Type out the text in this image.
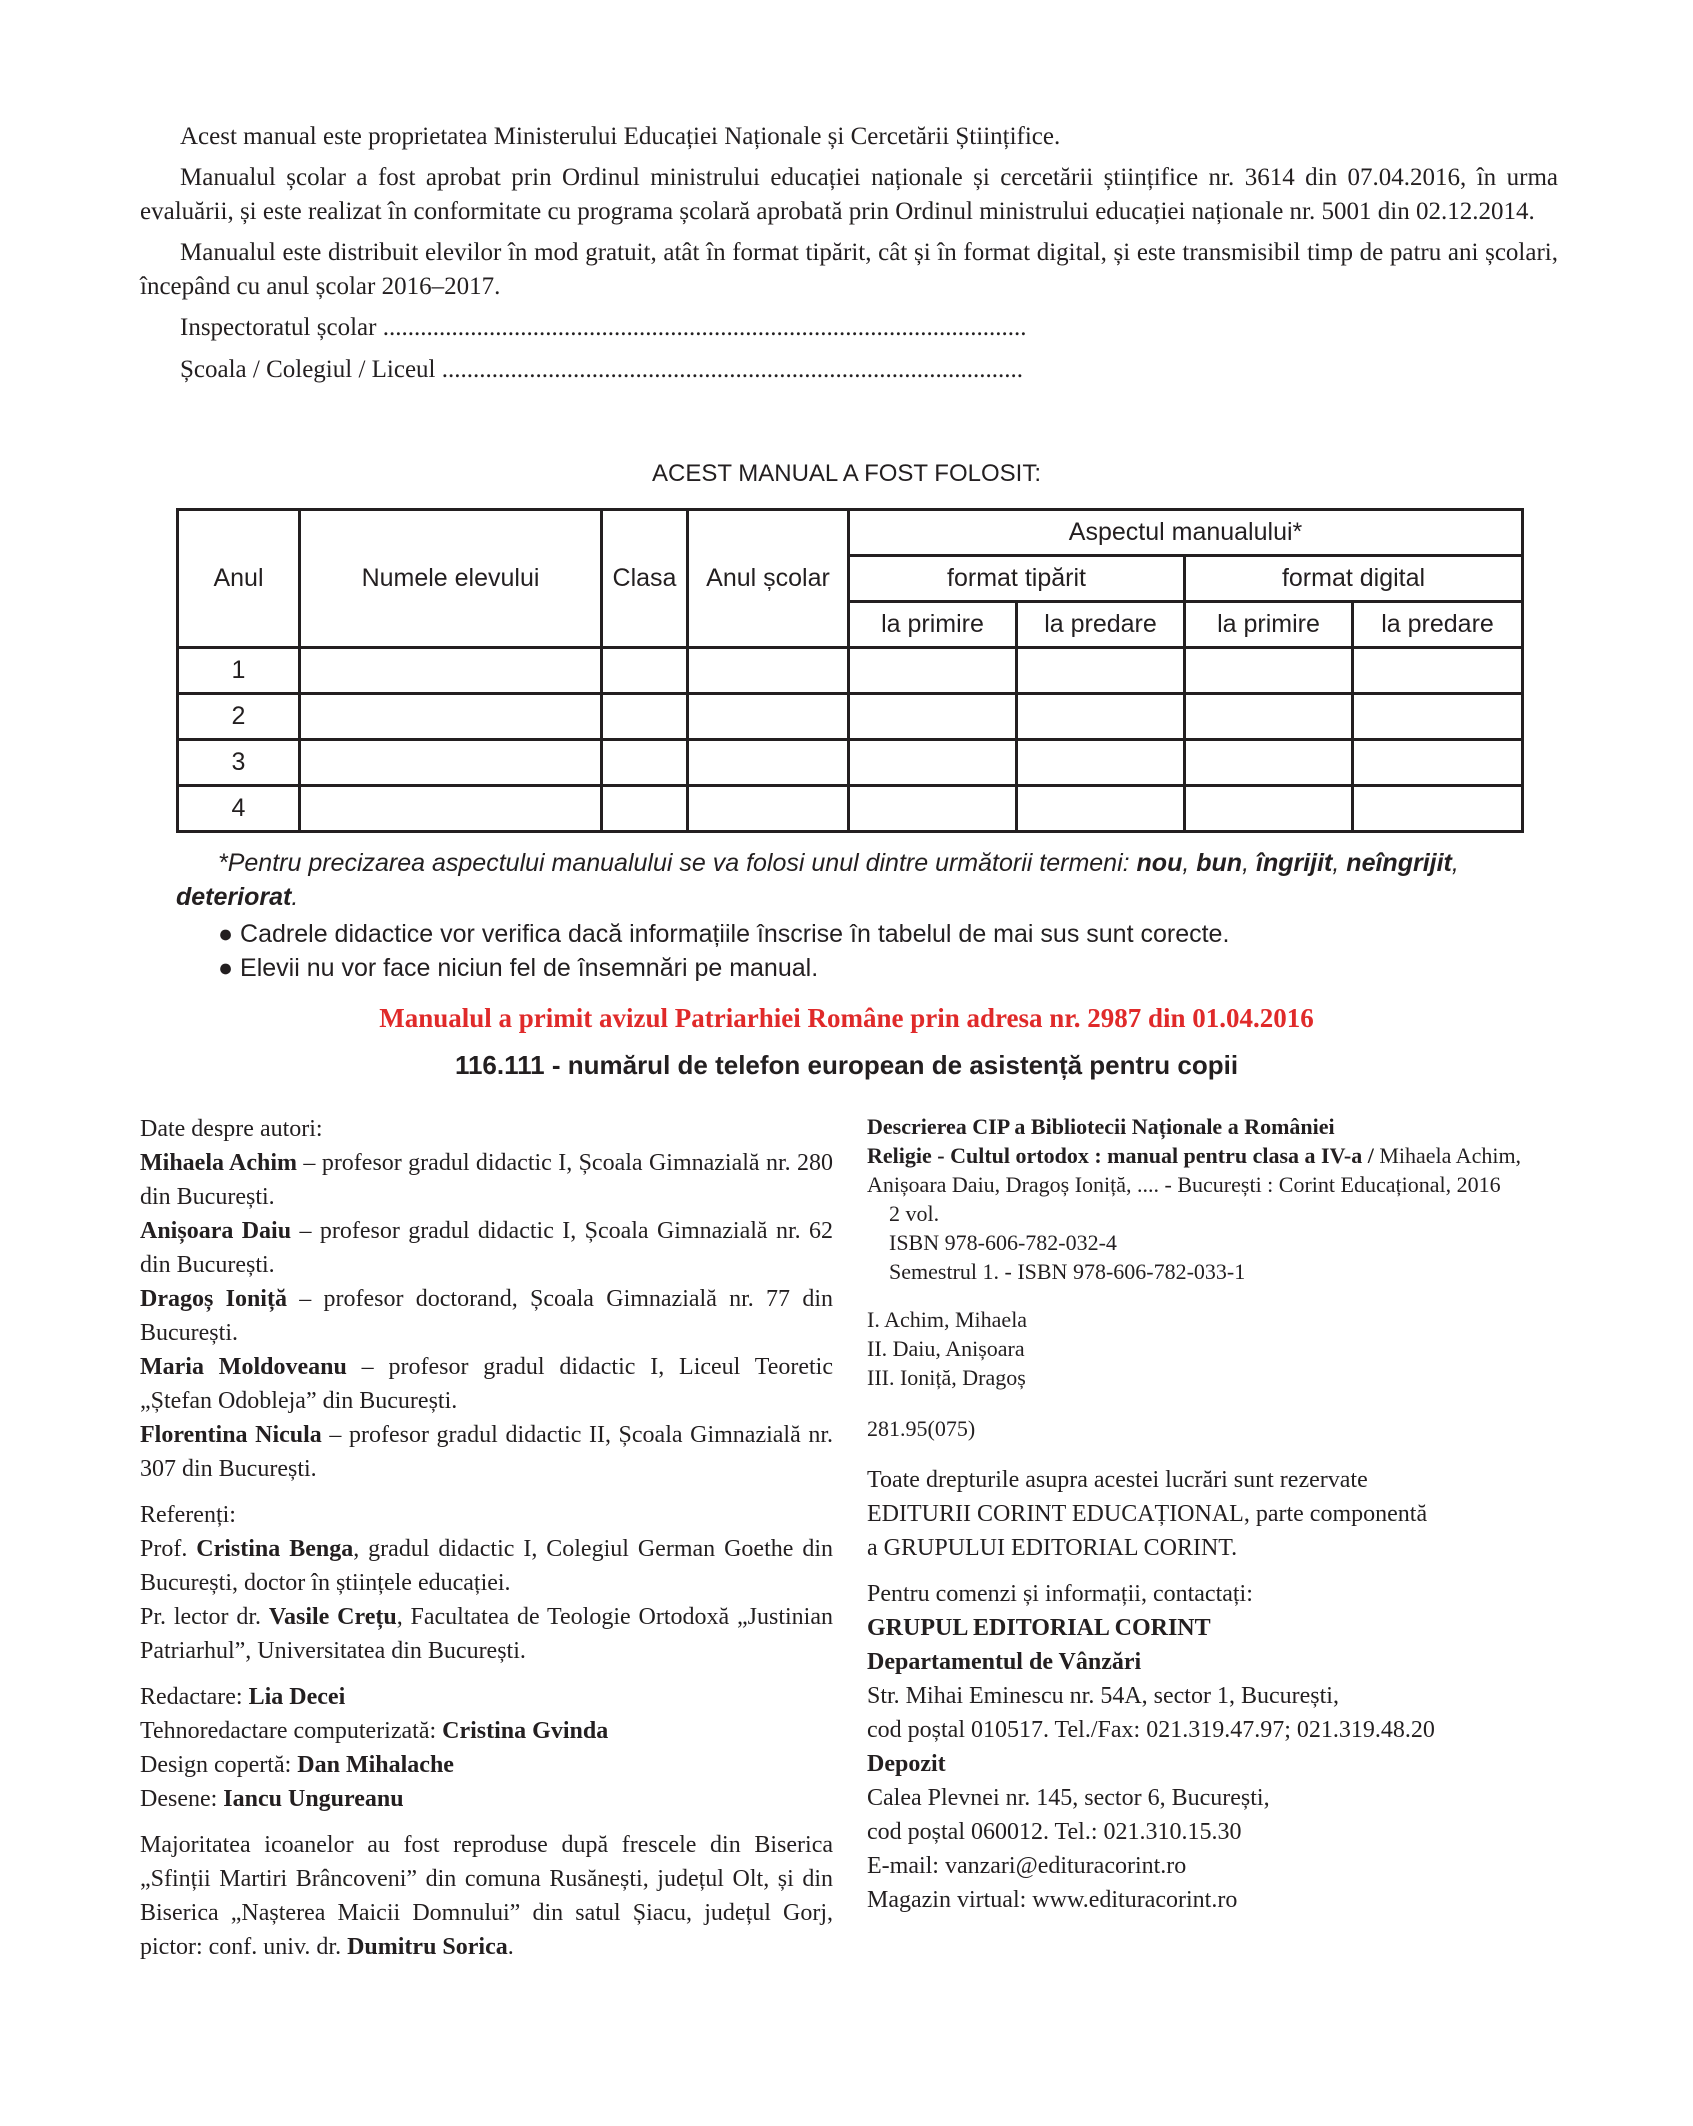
Acest manual este proprietatea Ministerului Educației Naționale și Cercetării Științifice.

Manualul școlar a fost aprobat prin Ordinul ministrului educației naționale și cercetării științifice nr. 3614 din 07.04.2016, în urma evaluării, și este realizat în conformitate cu programa școlară aprobată prin Ordinul ministrului educației naționale nr. 5001 din 02.12.2014.

Manualul este distribuit elevilor în mod gratuit, atât în format tipărit, cât și în format digital, și este transmisibil timp de patru ani școlari, începând cu anul școlar 2016–2017.

Inspectoratul școlar .......................................................................................................

Școala / Colegiul / Liceul .............................................................................................

ACEST MANUAL A FOST FOLOSIT:
Anul	Numele elevului	Clasa	Anul școlar	Aspectul manualului*			
				format tipărit		format digital	
				la primire	la predare	la primire	la predare
1							
2							
3							
4							

*Pentru precizarea aspectului manualului se va folosi unul dintre următorii termeni: nou, bun, îngrijit, neîngrijit, deteriorat.

● Cadrele didactice vor verifica dacă informațiile înscrise în tabelul de mai sus sunt corecte.

● Elevii nu vor face niciun fel de însemnări pe manual.

Manualul a primit avizul Patriarhiei Române prin adresa nr. 2987 din 01.04.2016
116.111 - numărul de telefon european de asistență pentru copii

Date despre autori:

Mihaela Achim – profesor gradul didactic I, Școala Gimnazială nr. 280 din București.

Anișoara Daiu – profesor gradul didactic I, Școala Gimnazială nr. 62 din București.

Dragoș Ioniță – profesor doctorand, Școala Gimnazială nr. 77 din București.

Maria Moldoveanu – profesor gradul didactic I, Liceul Teoretic „Ștefan Odobleja” din București.

Florentina Nicula – profesor gradul didactic II, Școala Gimnazială nr. 307 din București.

Referenți:

Prof. Cristina Benga, gradul didactic I, Colegiul German Goethe din București, doctor în științele educației.

Pr. lector dr. Vasile Crețu, Facultatea de Teologie Ortodoxă „Justinian Patriarhul”, Universitatea din București.

Redactare: Lia Decei

Tehnoredactare computerizată: Cristina Gvinda

Design copertă: Dan Mihalache

Desene: Iancu Ungureanu

Majoritatea icoanelor au fost reproduse după frescele din Biserica „Sfinții Martiri Brâncoveni” din comuna Rusănești, județul Olt, și din Biserica „Nașterea Maicii Domnului” din satul Șiacu, județul Gorj, pictor: conf. univ. dr. Dumitru Sorica.

Descrierea CIP a Bibliotecii Naționale a României

Religie - Cultul ortodox : manual pentru clasa a IV-a / Mihaela Achim, Anișoara Daiu, Dragoș Ioniță, .... - București : Corint Educațional, 2016

2 vol.

ISBN 978-606-782-032-4

Semestrul 1. - ISBN 978-606-782-033-1

I. Achim, Mihaela

II. Daiu, Anișoara

III. Ioniță, Dragoș

281.95(075)

Toate drepturile asupra acestei lucrări sunt rezervate

EDITURII CORINT EDUCAȚIONAL, parte componentă

a GRUPULUI EDITORIAL CORINT.

Pentru comenzi și informații, contactați:

GRUPUL EDITORIAL CORINT

Departamentul de Vânzări

Str. Mihai Eminescu nr. 54A, sector 1, București,

cod poștal 010517. Tel./Fax: 021.319.47.97; 021.319.48.20

Depozit

Calea Plevnei nr. 145, sector 6, București,

cod poștal 060012. Tel.: 021.310.15.30

E-mail: vanzari@edituracorint.ro

Magazin virtual: www.edituracorint.ro
